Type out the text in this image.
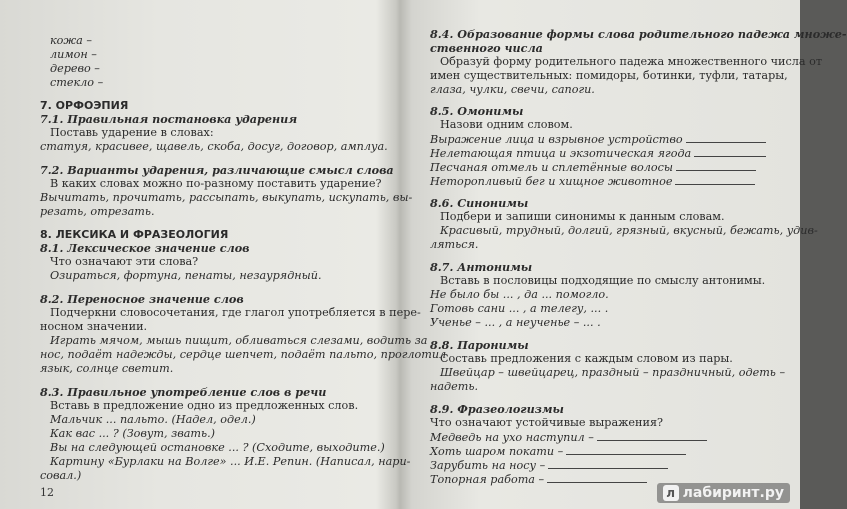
кожа –
лимон –
дерево –
стекло –
7. ОРФОЭПИЯ
7.1. Правильная постановка ударения
Поставь ударение в словах:
статуя, красивее, щавель, скоба, досуг, договор, амплуа.
7.2. Варианты ударения, различающие смысл слова
В каких словах можно по-разному поставить ударение?
Вычитать, прочитать, рассыпать, выкупать, искупать, вы-
резать, отрезать.
8. ЛЕКСИКА И ФРАЗЕОЛОГИЯ
8.1. Лексическое значение слов
Что означают эти слова?
Озираться, фортуна, пенаты, незаурядный.
8.2. Переносное значение слов
Подчеркни словосочетания, где глагол употребляется в пере-
носном значении.
Играть мячом, мышь пищит, обливаться слезами, водить за
нос, подаёт надежды, сердце шепчет, подаёт пальто, проглотил
язык, солнце светит.
8.3. Правильное употребление слов в речи
Вставь в предложение одно из предложенных слов.
Мальчик ... пальто. (Надел, одел.)
Как вас ... ? (Зовут, звать.)
Вы на следующей остановке ... ? (Сходите, выходите.)
Картину «Бурлаки на Волге» ... И.Е. Репин. (Написал, нари-
совал.)
12
8.4. Образование формы слова родительного падежа множе-
ственного числа
Образуй форму родительного падежа множественного числа от
имен существительных: помидоры, ботинки, туфли, татары,
глаза, чулки, свечи, сапоги.
8.5. Омонимы
Назови одним словом.
Выражение лица и взрывное устройство
Нелетающая птица и экзотическая ягода
Песчаная отмель и сплетённые волосы
Неторопливый бег и хищное животное
8.6. Синонимы
Подбери и запиши синонимы к данным словам.
Красивый, трудный, долгий, грязный, вкусный, бежать, удив-
ляться.
8.7. Антонимы
Вставь в пословицы подходящие по смыслу антонимы.
Не было бы ... , да ... помогло.
Готовь сани ... , а телегу, ... .
Ученье – ... , а неученье – ... .
8.8. Паронимы
Составь предложения с каждым словом из пары.
Швейцар – швейцарец, праздный – праздничный, одеть –
надеть.
8.9. Фразеологизмы
Что означают устойчивые выражения?
Медведь на ухо наступил –
Хоть шаром покати –
Зарубить на носу –
Топорная работа –
л лабиринт.ру
